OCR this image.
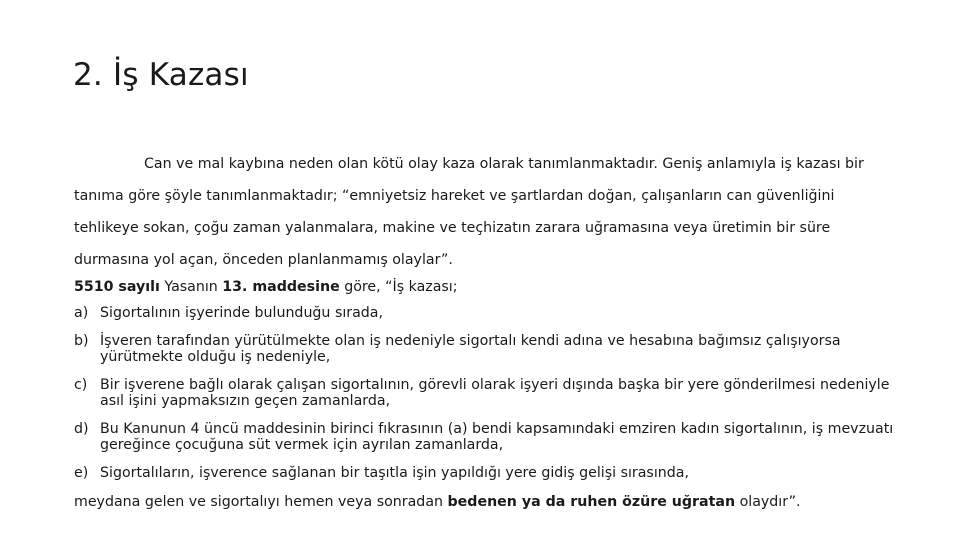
2. İş Kazası

Can ve mal kaybına neden olan kötü olay kaza olarak tanımlanmaktadır. Geniş anlamıyla iş kazası bir tanıma göre şöyle tanımlanmaktadır; “emniyetsiz hareket ve şartlardan doğan, çalışanların can güvenliğini tehlikeye sokan, çoğu zaman yalanmalara, makine ve teçhizatın zarara uğramasına veya üretimin bir süre durmasına yol açan, önceden planlanmamış olaylar”.

5510 sayılı Yasanın 13. maddesine göre, “İş kazası;

a) Sigortalının işyerinde bulunduğu sırada,
b) İşveren tarafından yürütülmekte olan iş nedeniyle sigortalı kendi adına ve hesabına bağımsız çalışıyorsa yürütmekte olduğu iş nedeniyle,
c) Bir işverene bağlı olarak çalışan sigortalının, görevli olarak işyeri dışında başka bir yere gönderilmesi nedeniyle asıl işini yapmaksızın geçen zamanlarda,
d) Bu Kanunun 4 üncü maddesinin birinci fıkrasının (a) bendi kapsamındaki emziren kadın sigortalının, iş mevzuatı gereğince çocuğuna süt vermek için ayrılan zamanlarda,
e) Sigortalıların, işverence sağlanan bir taşıtla işin yapıldığı yere gidiş gelişi sırasında,

meydana gelen ve sigortalıyı hemen veya sonradan bedenen ya da ruhen özüre uğratan olaydır”.
